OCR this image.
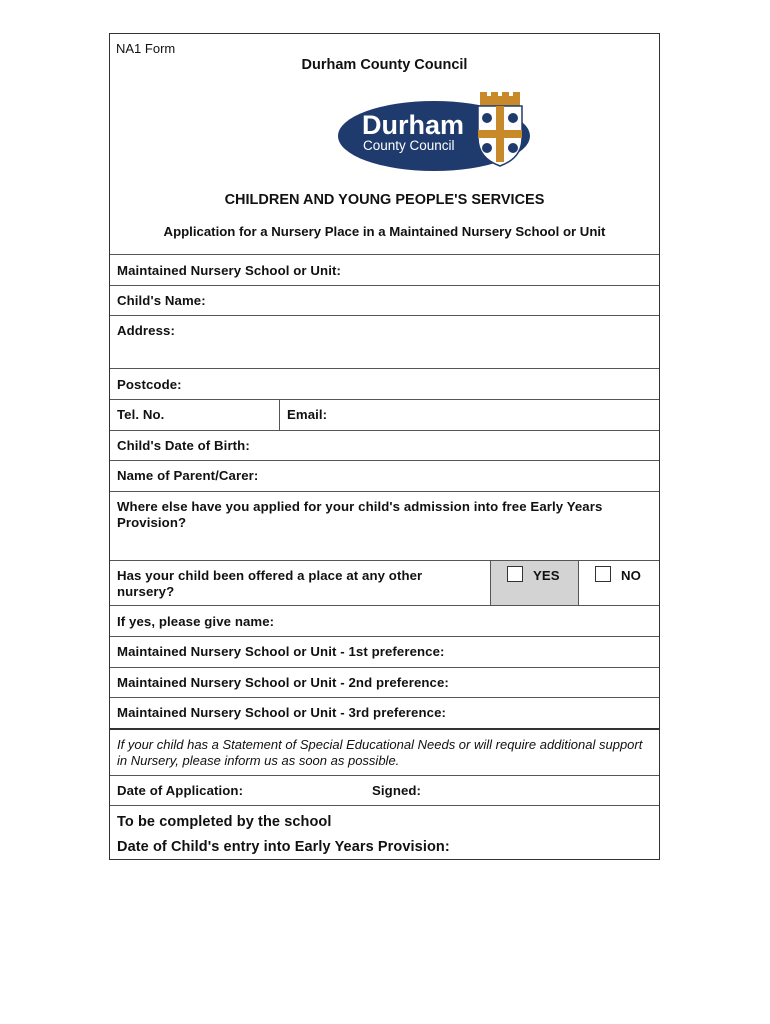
NA1 Form
Durham County Council
Durham
County Council
CHILDREN AND YOUNG PEOPLE'S SERVICES
Application for a Nursery Place in a Maintained Nursery School or Unit
Maintained Nursery School or Unit:
Child's Name:
Address:
Postcode:
Tel. No.	Email:
Child's Date of Birth:
Name of Parent/Carer:
Where else have you applied for your child's admission into free Early Years Provision?
Has your child been offered a place at any other nursery?
YES	NO
If yes, please give name:
Maintained Nursery School or Unit - 1st preference:
Maintained Nursery School or Unit - 2nd preference:
Maintained Nursery School or Unit - 3rd preference:
If your child has a Statement of Special Educational Needs or will require additional support in Nursery, please inform us as soon as possible.
Date of Application:	Signed:
To be completed by the school
Date of Child's entry into Early Years Provision:
